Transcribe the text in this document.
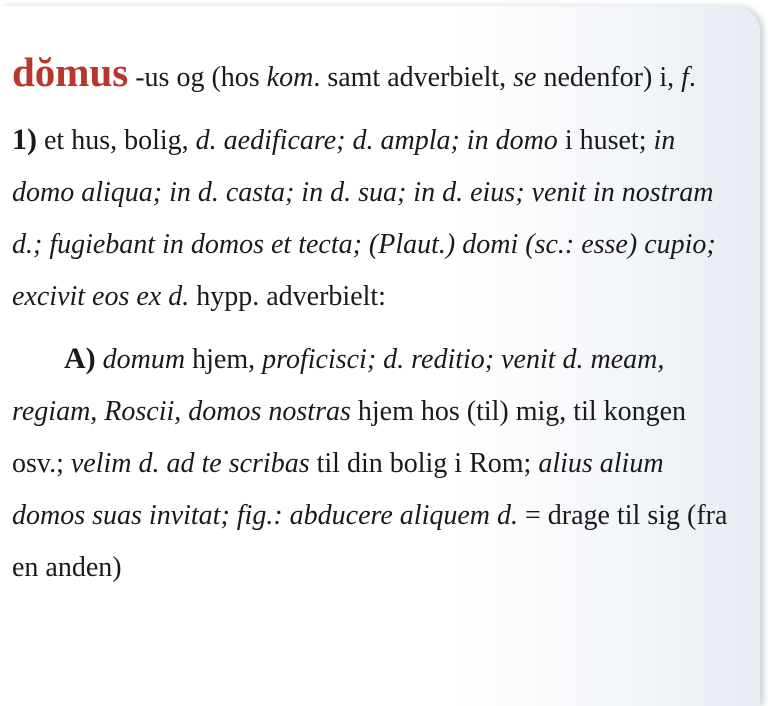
dŏmus -us og (hos kom. samt adverbielt, se nedenfor) i, f.

1) et hus, bolig, d. aedificare; d. ampla; in domo i huset; in domo aliqua; in d. casta; in d. sua; in d. eius; venit in nostram d.; fugiebant in domos et tecta; (Plaut.) domi (sc.: esse) cupio; excivit eos ex d. hypp. adverbielt:

A) domum hjem, proficisci; d. reditio; venit d. meam, regiam, Roscii, domos nostras hjem hos (til) mig, til kongen osv.; velim d. ad te scribas til din bolig i Rom; alius alium domos suas invitat; fig.: abducere aliquem d. = drage til sig (fra en anden)
